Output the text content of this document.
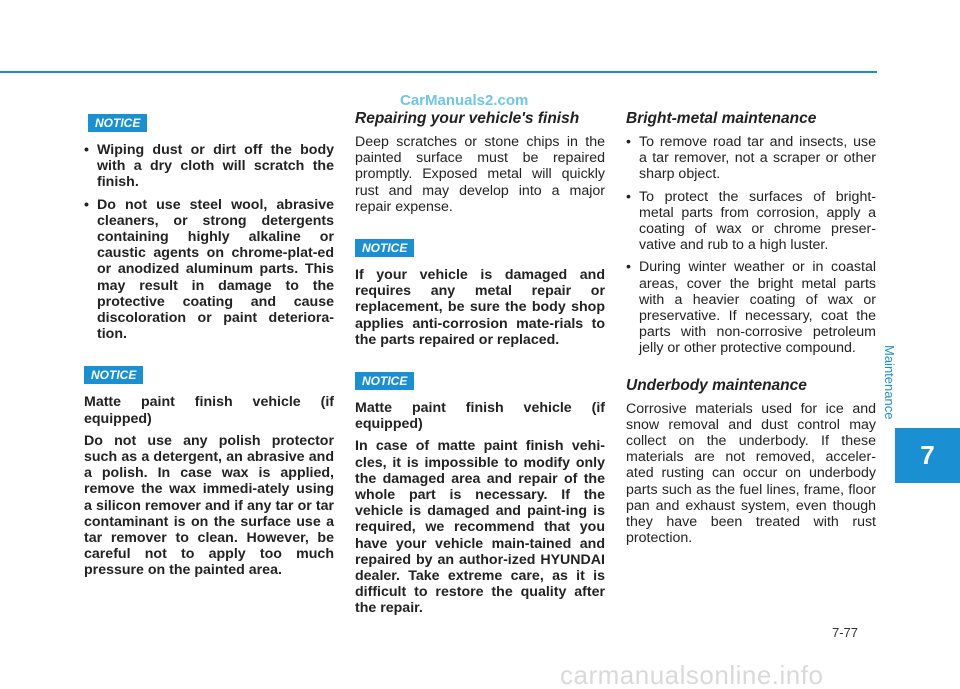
CarManuals2.com
NOTICE
• Wiping dust or dirt off the body with a dry cloth will scratch the finish.
• Do not use steel wool, abrasive cleaners, or strong detergents containing highly alkaline or caustic agents on chrome-plat-ed or anodized aluminum parts. This may result in damage to the protective coating and cause discoloration or paint deteriora-tion.
NOTICE

Matte paint finish vehicle (if equipped)

Do not use any polish protector such as a detergent, an abrasive and a polish. In case wax is applied, remove the wax immedi-ately using a silicon remover and if any tar or tar contaminant is on the surface use a tar remover to clean. However, be careful not to apply too much pressure on the painted area.

Repairing your vehicle's finish

Deep scratches or stone chips in the painted surface must be repaired promptly. Exposed metal will quickly rust and may develop into a major repair expense.

NOTICE

If your vehicle is damaged and requires any metal repair or replacement, be sure the body shop applies anti-corrosion mate-rials to the parts repaired or replaced.

NOTICE

Matte paint finish vehicle (if equipped)

In case of matte paint finish vehi-cles, it is impossible to modify only the damaged area and repair of the whole part is necessary. If the vehicle is damaged and paint-ing is required, we recommend that you have your vehicle main-tained and repaired by an author-ized HYUNDAI dealer. Take extreme care, as it is difficult to restore the quality after the repair.

Bright-metal maintenance
• To remove road tar and insects, use a tar remover, not a scraper or other sharp object.
• To protect the surfaces of bright-metal parts from corrosion, apply a coating of wax or chrome preser-vative and rub to a high luster.
• During winter weather or in coastal areas, cover the bright metal parts with a heavier coating of wax or preservative. If necessary, coat the parts with non-corrosive petroleum jelly or other protective compound.
Underbody maintenance

Corrosive materials used for ice and snow removal and dust control may collect on the underbody. If these materials are not removed, acceler-ated rusting can occur on underbody parts such as the fuel lines, frame, floor pan and exhaust system, even though they have been treated with rust protection.

Maintenance
7
7-77
carmanualsonline.info
